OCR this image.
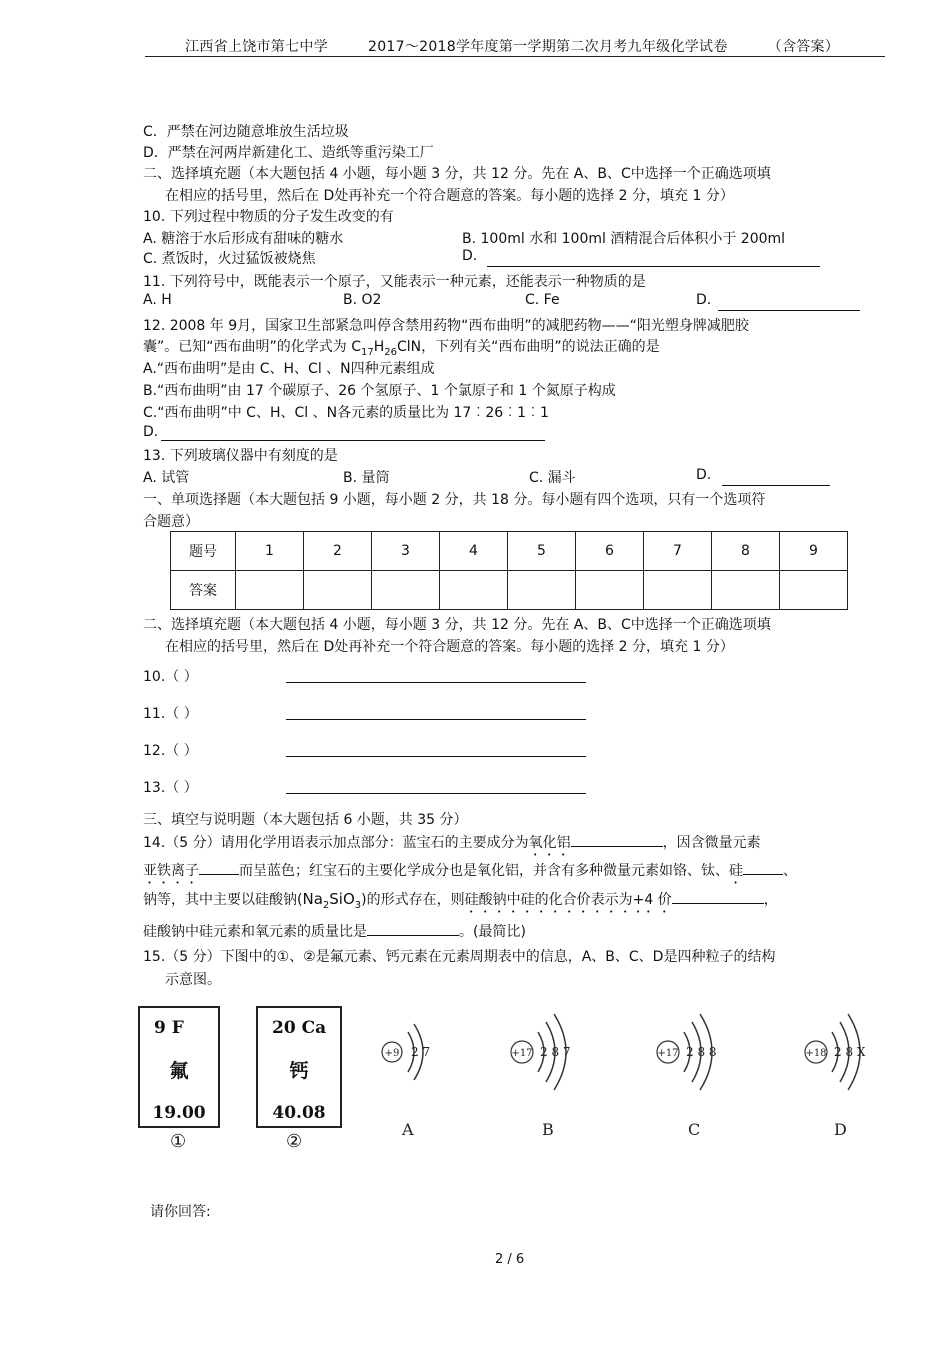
江西省上饶市第七中学	2017～2018学年度第一学期第二次月考九年级化学试卷	（含答案）
C．严禁在河边随意堆放生活垃圾
D．严禁在河两岸新建化工、造纸等重污染工厂
二、选择填充题（本大题包括 4 小题，每小题 3 分，共 12 分。先在 A、B、C中选择一个正确选项填
在相应的括号里，然后在 D处再补充一个符合题意的答案。每小题的选择 2 分，填充 1 分）
10. 下列过程中物质的分子发生改变的有
A. 糖溶于水后形成有甜味的糖水	B. 100ml 水和 100ml 酒精混合后体积小于 200ml
C. 煮饭时，火过猛饭被烧焦	D.
11. 下列符号中，既能表示一个原子，又能表示一种元素，还能表示一种物质的是
A. H	B. O2	C. Fe	D.
12. 2008 年 9月，国家卫生部紧急叫停含禁用药物“西布曲明”的减肥药物——“阳光塑身牌减肥胶
囊”。已知“西布曲明”的化学式为 $C_{17}H_{26}ClN$，下列有关“西布曲明”的说法正确的是
A.“西布曲明”是由 C、H、Cl 、N四种元素组成
B.“西布曲明”由 17 个碳原子、26 个氢原子、1 个氯原子和 1 个氮原子构成
C.“西布曲明”中 C、H、Cl 、N各元素的质量比为 17︰26︰1︰1
D.
13. 下列玻璃仪器中有刻度的是
A. 试管	B. 量筒	C. 漏斗	D.
一、单项选择题（本大题包括 9 小题，每小题 2 分，共 18 分。每小题有四个选项，只有一个选项符
合题意）
题号	1	2	3	4	5	6	7	8	9
答案									
二、选择填充题（本大题包括 4 小题，每小题 3 分，共 12 分。先在 A、B、C中选择一个正确选项填
在相应的括号里，然后在 D处再补充一个符合题意的答案。每小题的选择 2 分，填充 1 分）
10.（ ）
11.（ ）
12.（ ）
13.（ ）
三、填空与说明题（本大题包括 6 小题，共 35 分）
14.（5 分）请用化学用语表示加点部分：蓝宝石的主要成分为氧化铝	，因含微量元素
亚铁离子	而呈蓝色；红宝石的主要化学成分也是氧化铝，并含有多种微量元素如铬、钛、硅	、
钠等，其中主要以硅酸钠$(Na_2SiO_3)$的形式存在，则硅酸钠中硅的化合价表示为+4 价	，
硅酸钠中硅元素和氧元素的质量比是	。(最简比)
15.（5 分）下图中的①、②是氟元素、钙元素在元素周期表中的信息，A、B、C、D是四种粒子的结构
示意图。
9 F
氟
19.00
①
20 Ca
钙
40.08
②
+9 2 7
A
+17 2 8 7
B
+17 2 8 8
C
+18 2 8 X
D
请你回答:
2 / 6
